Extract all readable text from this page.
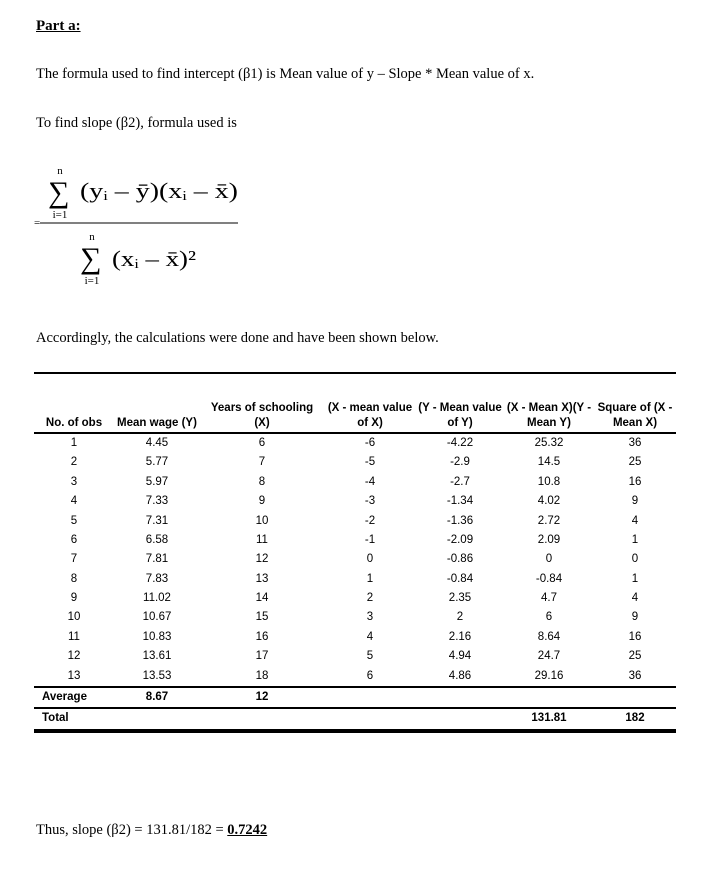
Part a:
The formula used to find intercept (β1) is Mean value of y – Slope * Mean value of x.
To find slope (β2), formula used is
=
n
∑
i=1
(yᵢ – ȳ)(xᵢ – x̄)
n
∑
i=1
(xᵢ – x̄)²
Accordingly, the calculations were done and have been shown below.
No. of obs	Mean wage (Y)	Years of schooling (X)	(X - mean value of X)	(Y - Mean value of Y)	(X - Mean X)(Y - Mean Y)	Square of (X - Mean X)
1	4.45	6	-6	-4.22	25.32	36
2	5.77	7	-5	-2.9	14.5	25
3	5.97	8	-4	-2.7	10.8	16
4	7.33	9	-3	-1.34	4.02	9
5	7.31	10	-2	-1.36	2.72	4
6	6.58	11	-1	-2.09	2.09	1
7	7.81	12	0	-0.86	0	0
8	7.83	13	1	-0.84	-0.84	1
9	11.02	14	2	2.35	4.7	4
10	10.67	15	3	2	6	9
11	10.83	16	4	2.16	8.64	16
12	13.61	17	5	4.94	24.7	25
13	13.53	18	6	4.86	29.16	36
Average	8.67	12				
Total					131.81	182
Thus, slope (β2) = 131.81/182 = 0.7242
